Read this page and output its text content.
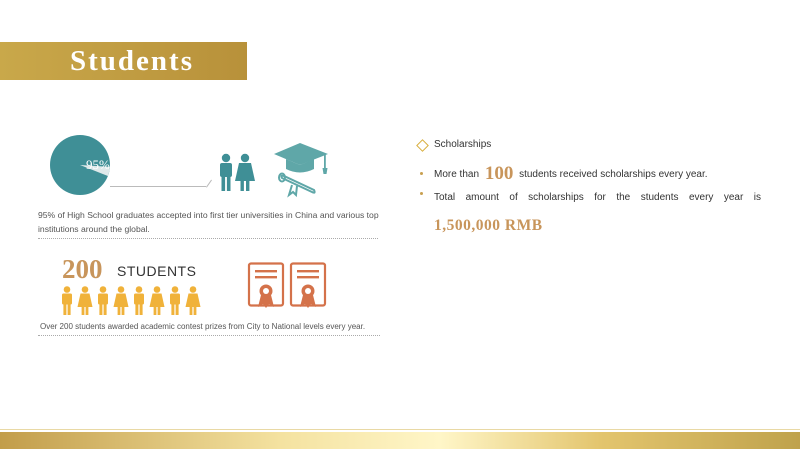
Students
95%
95% of High School graduates accepted into first tier universities in China and various top institutions around the global.
200 STUDENTS
Over 200 students awarded academic contest prizes from City to National levels every year.
Scholarships
More than 100 students received scholarships every year.
Total amount of scholarships for the students every year is
1,500,000 RMB
